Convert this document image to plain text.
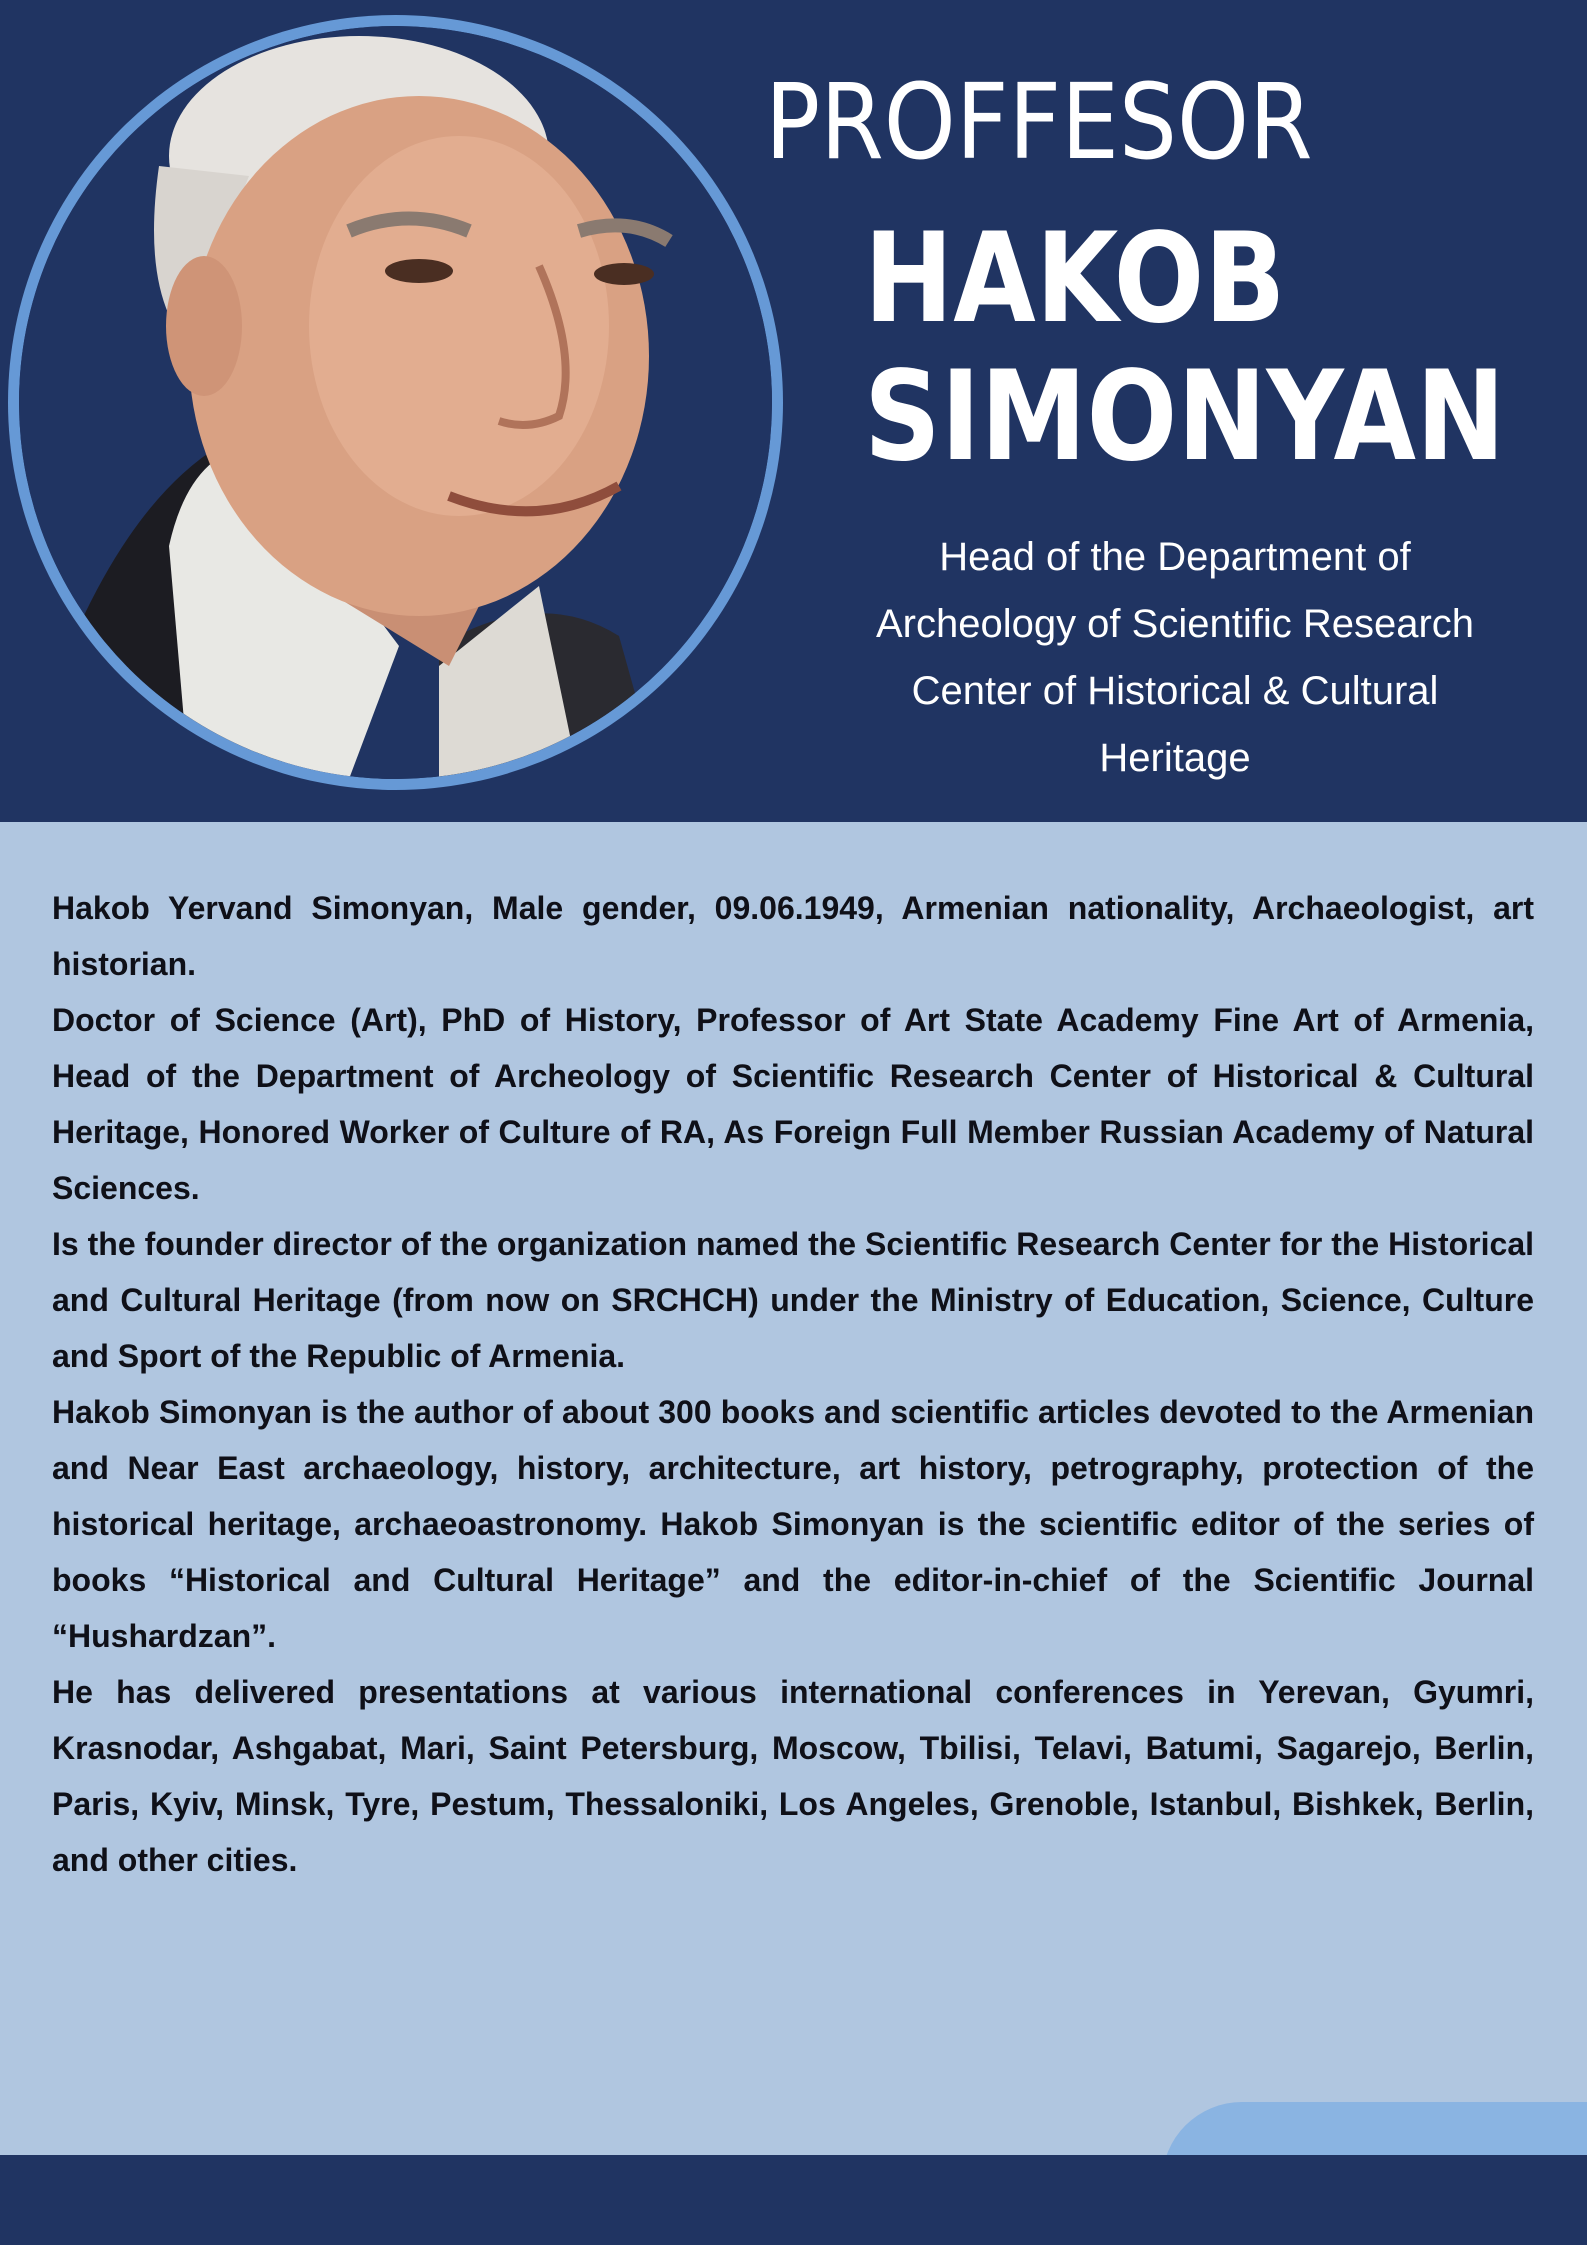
PROFFESOR
HAKOB
SIMONYAN
Head of the Department of
Archeology of Scientific Research
Center of Historical & Cultural
Heritage

Hakob Yervand Simonyan, Male gender, 09.06.1949, Armenian nationality, Archaeologist, art historian.

Doctor of Science (Art), PhD of History, Professor of Art State Academy Fine Art of Armenia, Head of the Department of Archeology of Scientific Research Center of Historical & Cultural Heritage, Honored Worker of Culture of RA, As Foreign Full Member Russian Academy of Natural Sciences.

Is the founder director of the organization named the Scientific Research Center for the Historical and Cultural Heritage (from now on SRCHCH) under the Ministry of Education, Science, Culture and Sport of the Republic of Armenia.

Hakob Simonyan is the author of about 300 books and scientific articles devoted to the Armenian and Near East archaeology, history, architecture, art history, petrography, protection of the historical heritage, archaeoastronomy. Hakob Simonyan is the scientific editor of the series of books “Historical and Cultural Heritage” and the editor-in-chief of the Scientific Journal “Hushardzan”.

He has delivered presentations at various international conferences in Yerevan, Gyumri, Krasnodar, Ashgabat, Mari, Saint Petersburg, Moscow, Tbilisi, Telavi, Batumi, Sagarejo, Berlin, Paris, Kyiv, Minsk, Tyre, Pestum, Thessaloniki, Los Angeles, Grenoble, Istanbul, Bishkek, Berlin, and other cities.
